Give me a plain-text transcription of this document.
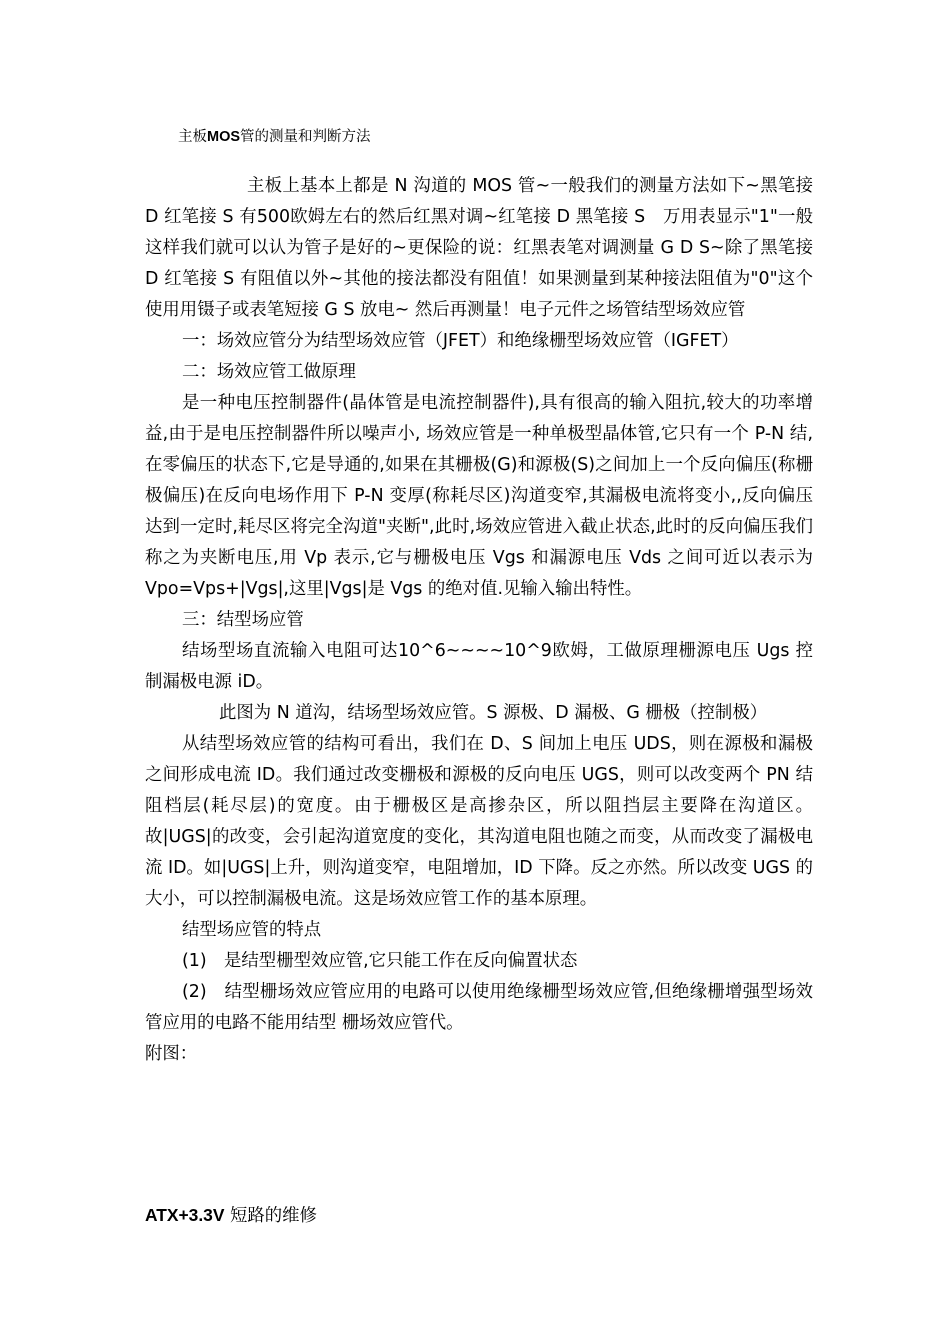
主板MOS管的测量和判断方法

主板上基本上都是 N 沟道的 MOS 管~一般我们的测量方法如下~黑笔接 D 红笔接 S 有500欧姆左右的然后红黑对调~红笔接 D 黑笔接 S　万用表显示"1"一般这样我们就可以认为管子是好的~更保险的说：红黑表笔对调测量 G D S~除了黑笔接 D 红笔接 S 有阻值以外~其他的接法都没有阻值！如果测量到某种接法阻值为"0"这个使用用镊子或表笔短接 G S 放电~ 然后再测量！电子元件之场管结型场效应管

一：场效应管分为结型场效应管（JFET）和绝缘栅型场效应管（IGFET）

二：场效应管工做原理

是一种电压控制器件(晶体管是电流控制器件),具有很高的输入阻抗,较大的功率增益,由于是电压控制器件所以噪声小, 场效应管是一种单极型晶体管,它只有一个 P-N 结,在零偏压的状态下,它是导通的,如果在其栅极(G)和源极(S)之间加上一个反向偏压(称栅极偏压)在反向电场作用下 P-N 变厚(称耗尽区)沟道变窄,其漏极电流将变小,,反向偏压达到一定时,耗尽区将完全沟道"夹断",此时,场效应管进入截止状态,此时的反向偏压我们称之为夹断电压,用 Vp 表示,它与栅极电压 Vgs 和漏源电压 Vds 之间可近以表示为 Vpo=Vps+|Vgs|,这里|Vgs|是 Vgs 的绝对值.见输入输出特性。

三：结型场应管

结场型场直流输入电阻可达10^6~~~~10^9欧姆，工做原理栅源电压 Ugs 控制漏极电源 iD。

此图为 N 道沟，结场型场效应管。S 源极、D 漏极、G 栅极（控制极）

从结型场效应管的结构可看出，我们在 D、S 间加上电压 UDS，则在源极和漏极之间形成电流 ID。我们通过改变栅极和源极的反向电压 UGS，则可以改变两个 PN 结阻档层(耗尽层)的宽度。由于栅极区是高掺杂区，所以阻挡层主要降在沟道区。故|UGS|的改变，会引起沟道宽度的变化，其沟道电阻也随之而变，从而改变了漏极电流 ID。如|UGS|上升，则沟道变窄，电阻增加，ID 下降。反之亦然。所以改变 UGS 的大小，可以控制漏极电流。这是场效应管工作的基本原理。

结型场应管的特点

(1)　是结型栅型效应管,它只能工作在反向偏置状态

(2)　结型栅场效应管应用的电路可以使用绝缘栅型场效应管,但绝缘栅增强型场效管应用的电路不能用结型 栅场效应管代。

附图：

ATX+3.3V 短路的维修
